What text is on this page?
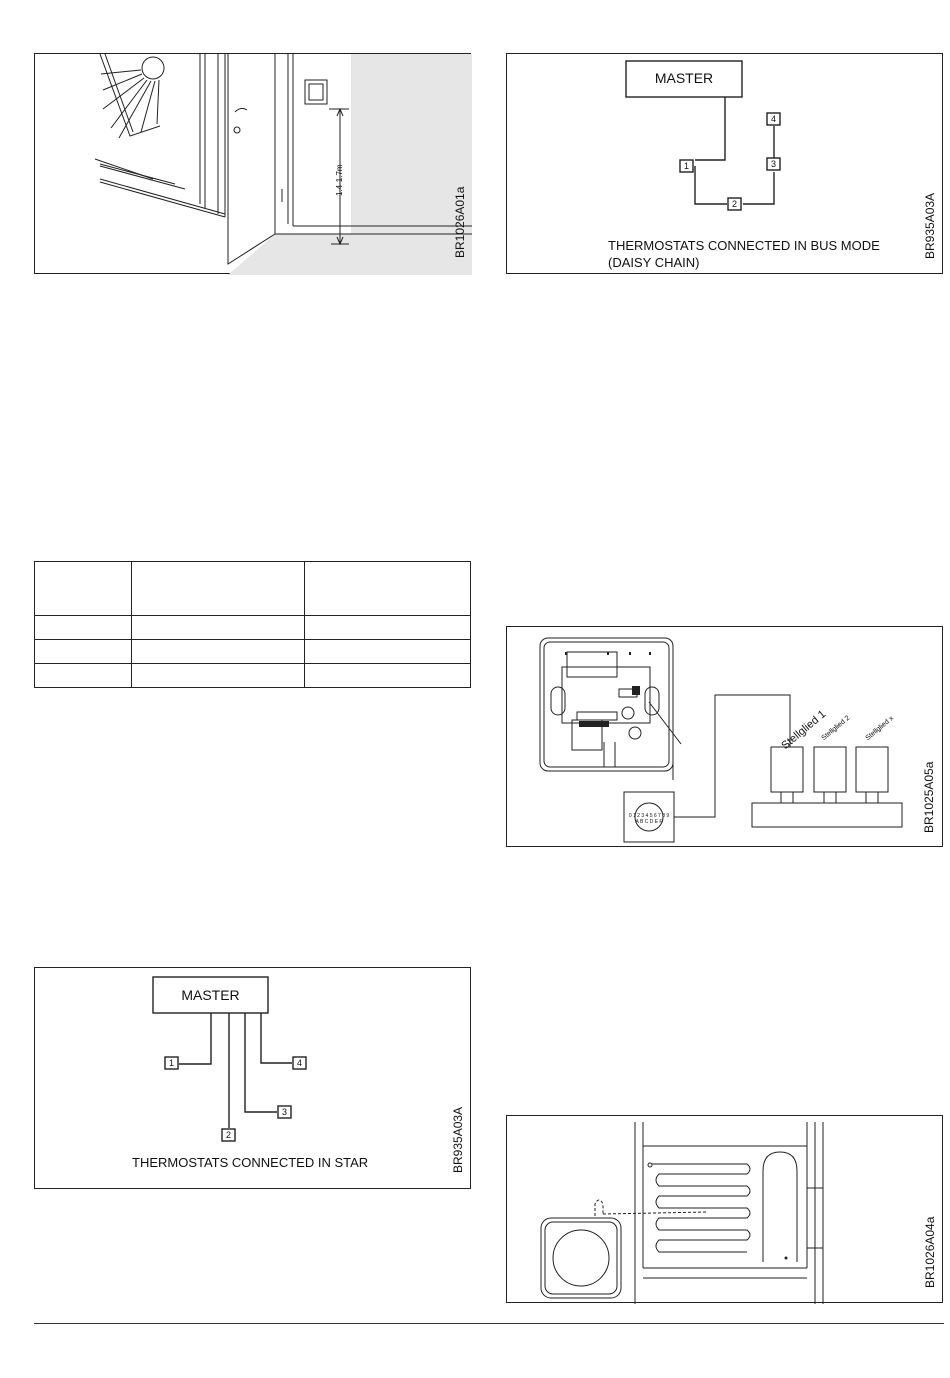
1.4-1.7m
BR1026A01a
MASTER
1
2
3
4
THERMOSTATS CONNECTED IN BUS MODE
(DAISY CHAIN)
BR935A03A

Stellglied 1
Stellglied 2 Stellglied x
0 1 2 3 4 5 6 7 8 9 A B C D E F	BR1025A05a
MASTER
1
2
3
4
THERMOSTATS CONNECTED IN STAR	BR935A03A
BR1026A04a
